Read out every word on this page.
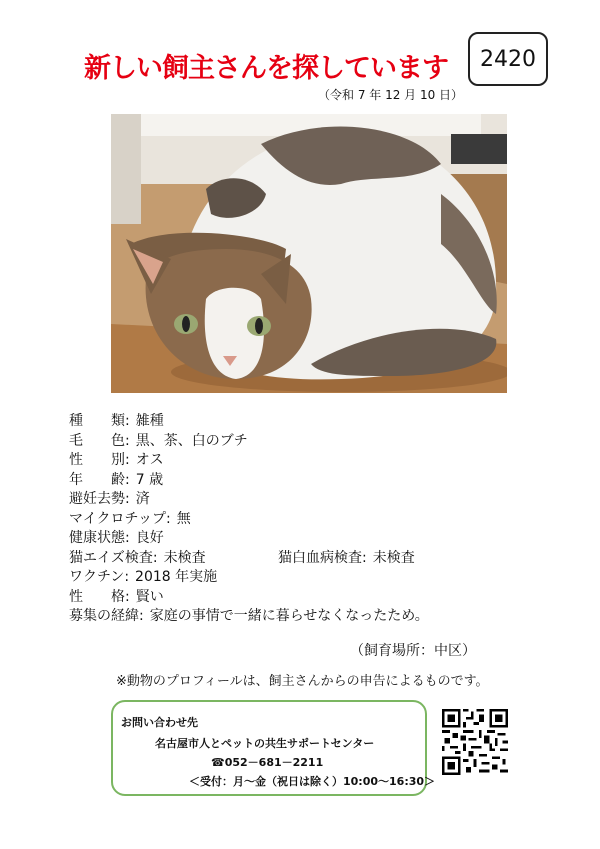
新しい飼主さんを探しています	2420
（令和 7 年 12 月 10 日）
種　　類: 雑種
毛　　色: 黒、茶、白のブチ
性　　別: オス
年　　齢: 7 歳
避妊去勢: 済
マイクロチップ: 無
健康状態: 良好
猫エイズ検査: 未検査	猫白血病検査: 未検査
ワクチン: 2018 年実施
性　　格: 賢い
募集の経緯: 家庭の事情で一緒に暮らせなくなったため。
（飼育場所：中区）
※動物のプロフィールは、飼主さんからの申告によるものです。
お問い合わせ先
名古屋市人とペットの共生サポートセンター
☎052－681－2211
＜受付：月～金（祝日は除く）10:00～16:30＞
